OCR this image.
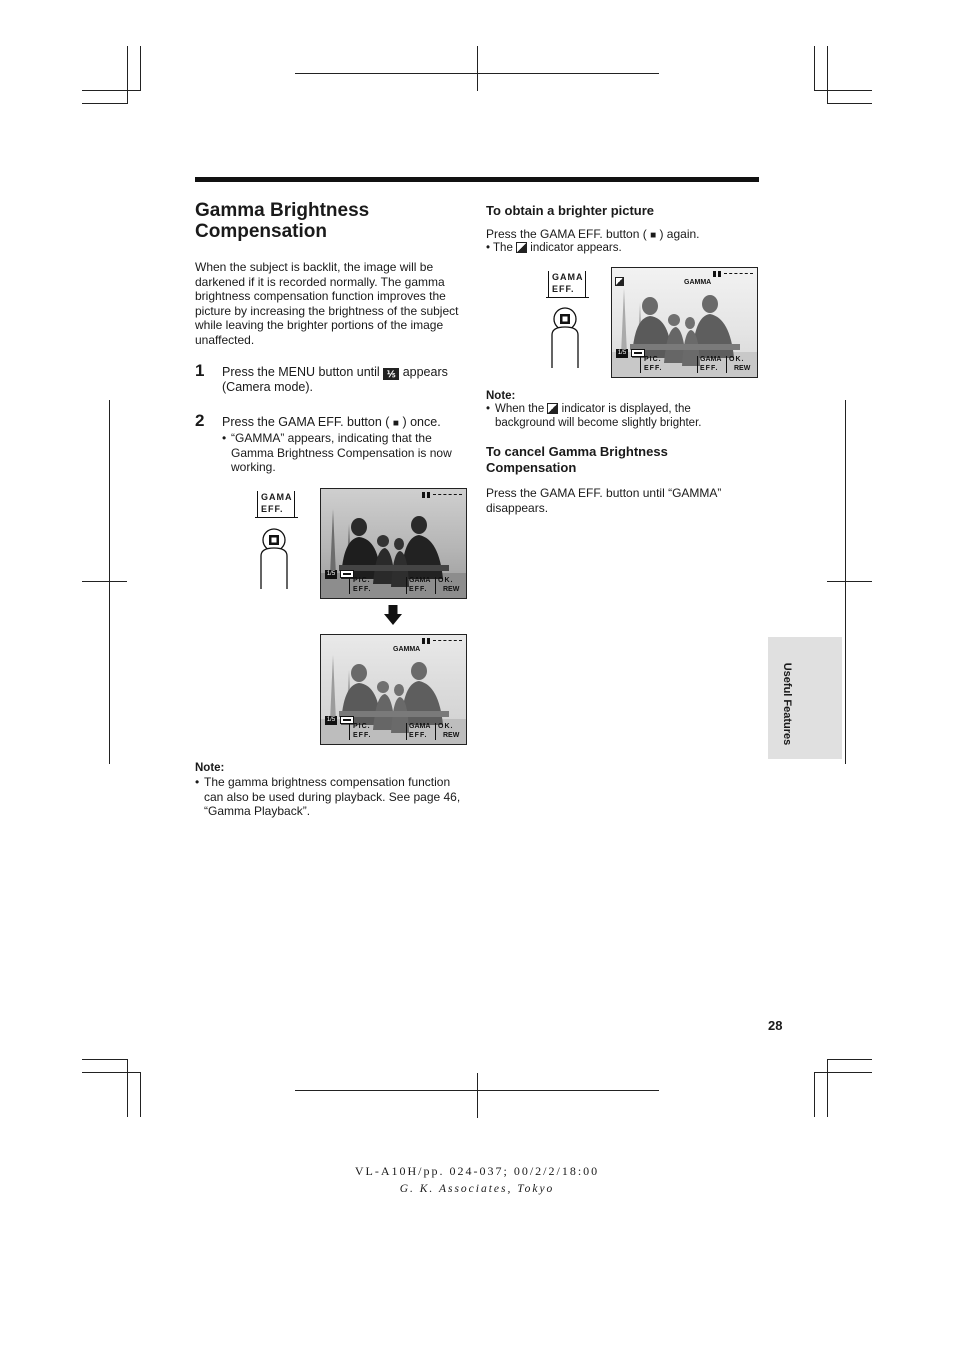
Gamma Brightness Compensation

When the subject is backlit, the image will be darkened if it is recorded normally. The gamma brightness compensation function improves the picture by increasing the brightness of the subject while leaving the brighter portions of the image unaffected.

1 Press the MENU button until ⅕ appears (Camera mode).
2 Press the GAMA EFF. button ( ■ ) once.
• “GAMMA” appears, indicating that the Gamma Brightness Compensation is now working.
GAMA
EFF.
1/5
PIC.
EFF.
GAMA
EFF.
OK.
REW
GAMMA
1/5
PIC.
EFF.
GAMA
EFF.
OK.
REW
Note:
• The gamma brightness compensation function can also be used during playback. See page 46, “Gamma Playback”.
To obtain a brighter picture
Press the GAMA EFF. button ( ■ ) again.
• The indicator appears.
GAMA
EFF.
GAMMA
1/5
PIC.
EFF.
GAMA
EFF.
OK.
REW
Note:
• When the indicator is displayed, the background will become slightly brighter.
To cancel Gamma Brightness Compensation

Press the GAMA EFF. button until “GAMMA” disappears.

Useful Features
28
VL-A10H/pp. 024-037; 00/2/2/18:00
G. K. Associates, Tokyo
